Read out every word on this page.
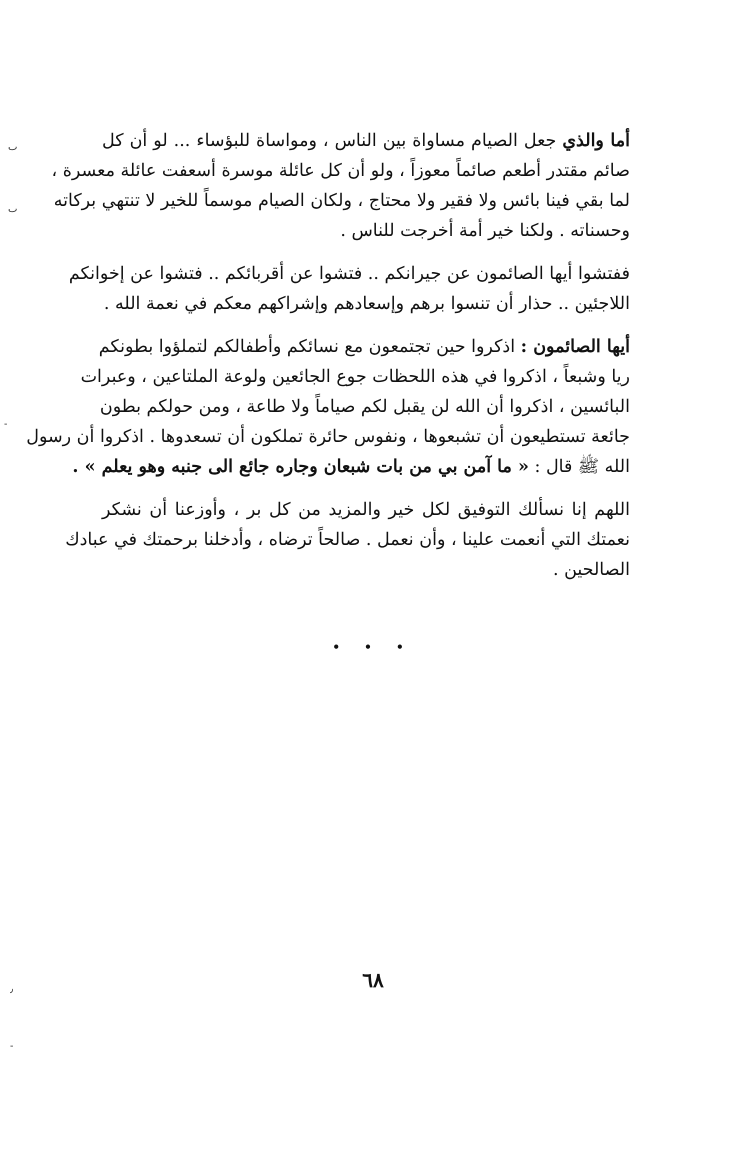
أما والذي جعل الصيام مساواة بين الناس ، ومواساة للبؤساء ... لو أن كل
صائم مقتدر أطعم صائماً معوزاً ، ولو أن كل عائلة موسرة أسعفت عائلة معسرة ،
لما بقي فينا بائس ولا فقير ولا محتاج ، ولكان الصيام موسماً للخير لا تنتهي بركاته
وحسناته . ولكنا خير أمة أخرجت للناس .
ففتشوا أيها الصائمون عن جيرانكم .. فتشوا عن أقربائكم .. فتشوا عن إخوانكم
اللاجئين .. حذار أن تنسوا برهم وإسعادهم وإشراكهم معكم في نعمة الله .
أيها الصائمون : اذكروا حين تجتمعون مع نسائكم وأطفالكم لتملؤوا بطونكم
ريا وشبعاً ، اذكروا في هذه اللحظات جوع الجائعين ولوعة الملتاعين ، وعبرات
البائسين ، اذكروا أن الله لن يقبل لكم صياماً ولا طاعة ، ومن حولكم بطون
جائعة تستطيعون أن تشبعوها ، ونفوس حائرة تملكون أن تسعدوها . اذكروا أن رسول
الله ﷺ قال : « ما آمن بي من بات شبعان وجاره جائع الى جنبه وهو يعلم » .
اللهم إنا نسألك التوفيق لكل خير والمزيد من كل بر ، وأوزعنا أن نشكر
نعمتك التي أنعمت علينا ، وأن نعمل . صالحاً ترضاه ، وأدخلنا برحمتك في عبادك
الصالحين .
• • •
٦٨
ٮ
ٮ
-
٫
-
